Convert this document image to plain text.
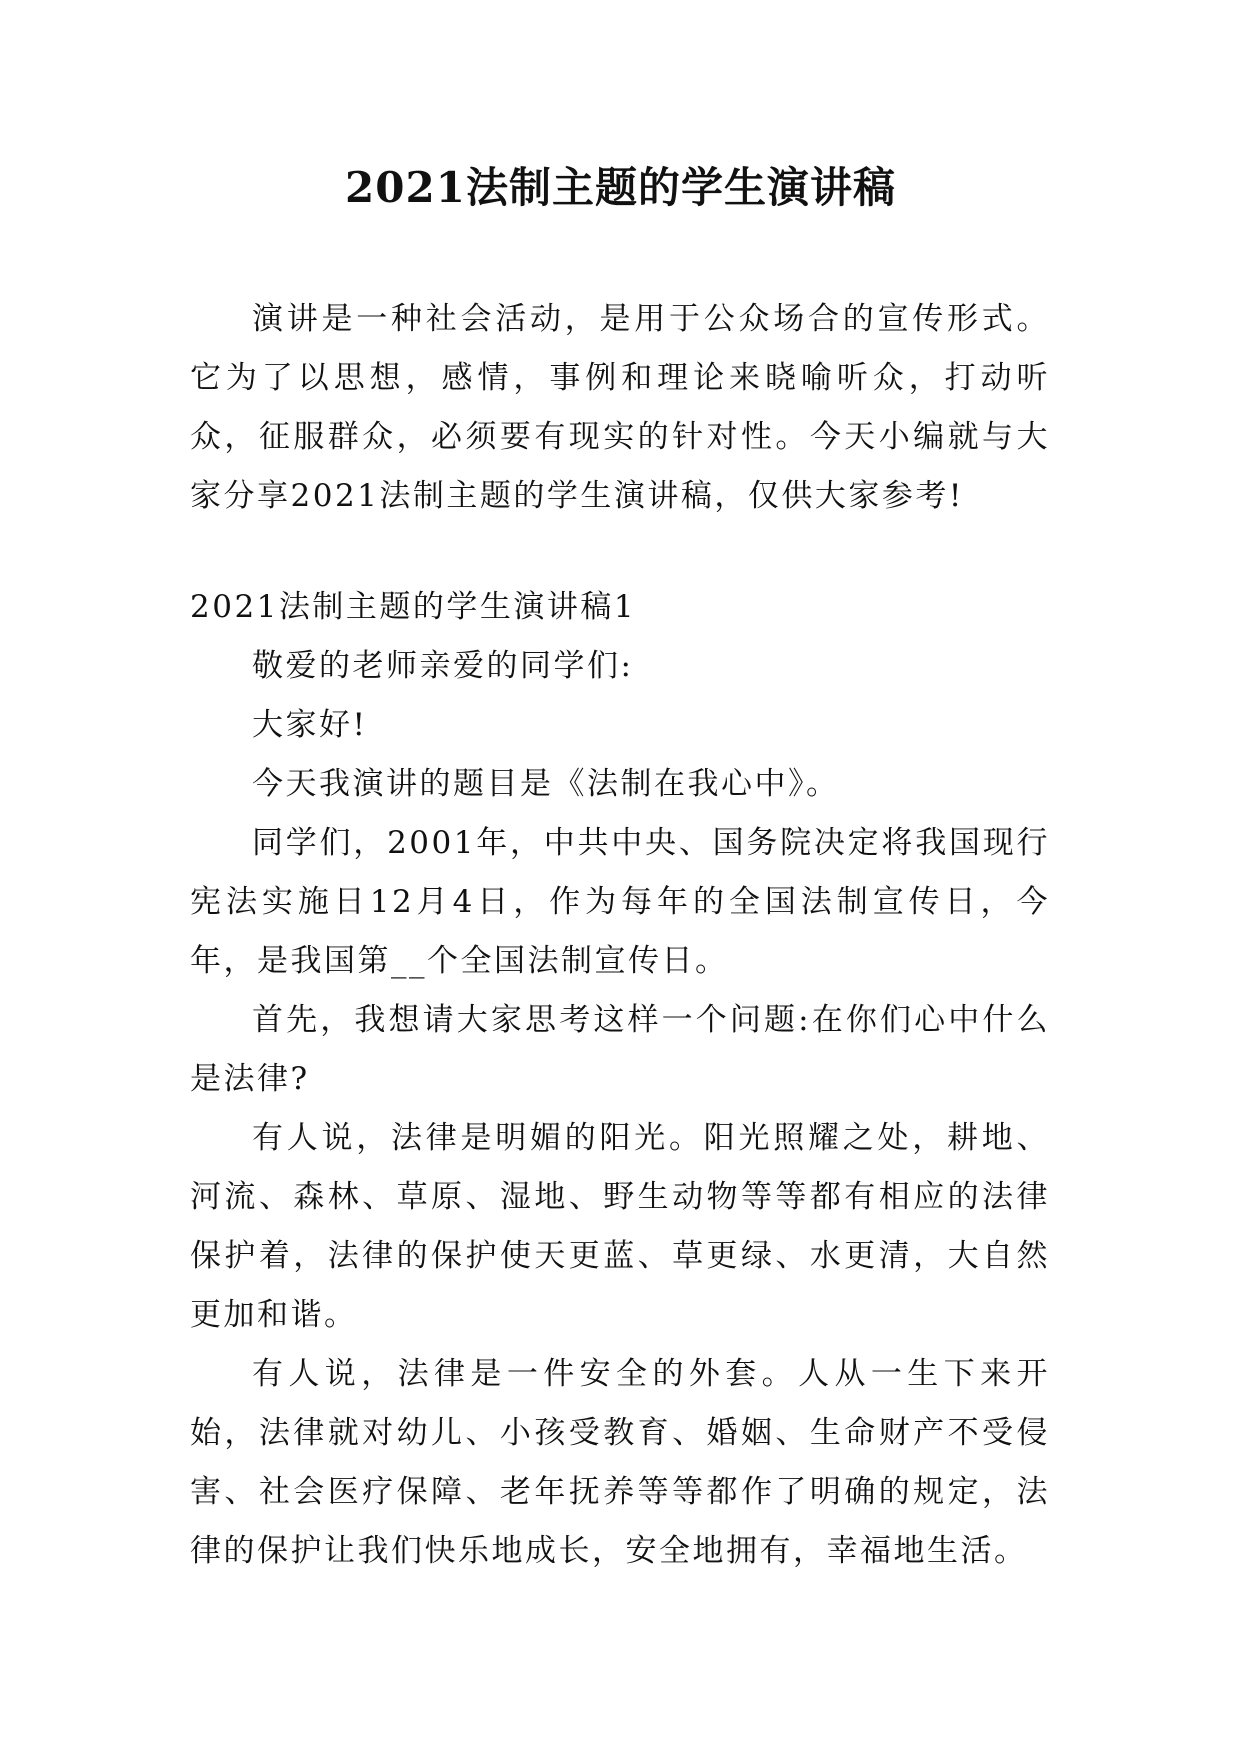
2021法制主题的学生演讲稿

演讲是一种社会活动，是用于公众场合的宣传形式。它为了以思想，感情，事例和理论来晓喻听众，打动听众，征服群众，必须要有现实的针对性。今天小编就与大家分享2021法制主题的学生演讲稿，仅供大家参考!

2021法制主题的学生演讲稿1

敬爱的老师亲爱的同学们:

大家好!

今天我演讲的题目是《法制在我心中》。

同学们，2001年，中共中央、国务院决定将我国现行宪法实施日12月4日，作为每年的全国法制宣传日，今年，是我国第__个全国法制宣传日。

首先，我想请大家思考这样一个问题:在你们心中什么是法律?

有人说，法律是明媚的阳光。阳光照耀之处，耕地、河流、森林、草原、湿地、野生动物等等都有相应的法律保护着，法律的保护使天更蓝、草更绿、水更清，大自然更加和谐。

有人说，法律是一件安全的外套。人从一生下来开始，法律就对幼儿、小孩受教育、婚姻、生命财产不受侵害、社会医疗保障、老年抚养等等都作了明确的规定，法律的保护让我们快乐地成长，安全地拥有，幸福地生活。
